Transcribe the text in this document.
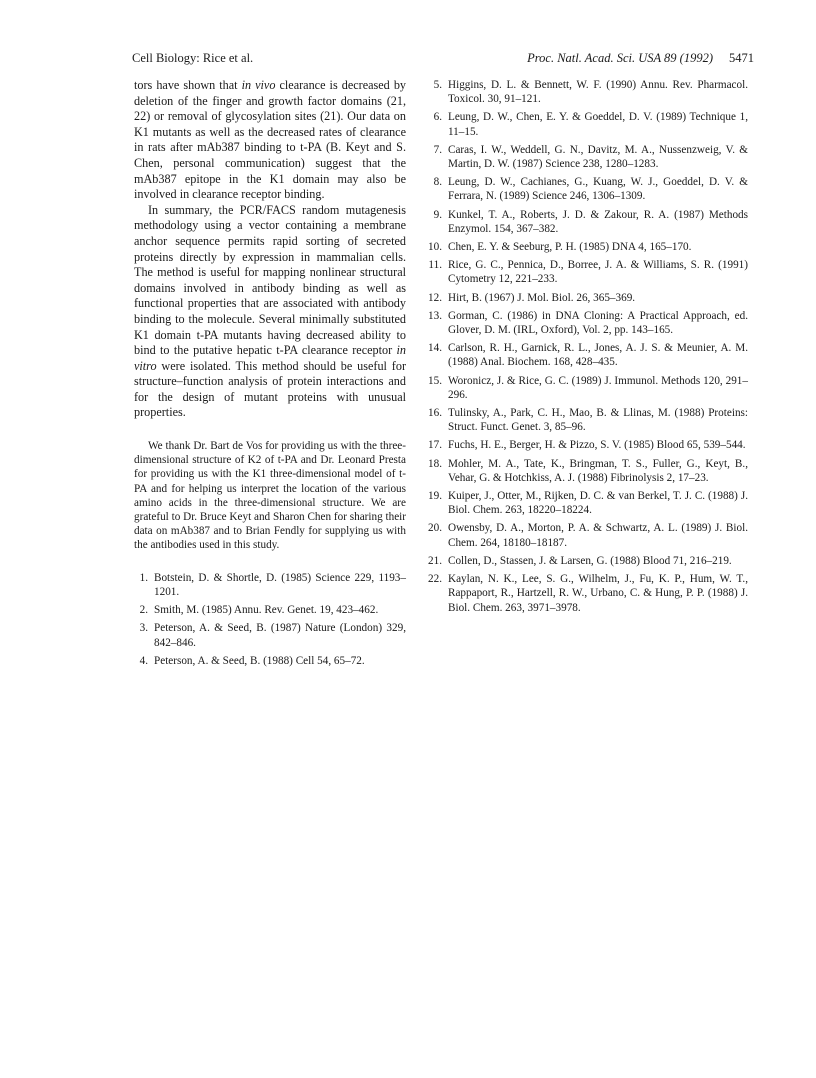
Cell Biology: Rice et al.	Proc. Natl. Acad. Sci. USA 89 (1992) 5471

tors have shown that in vivo clearance is decreased by deletion of the finger and growth factor domains (21, 22) or removal of glycosylation sites (21). Our data on K1 mutants as well as the decreased rates of clearance in rats after mAb387 binding to t-PA (B. Keyt and S. Chen, personal communication) suggest that the mAb387 epitope in the K1 domain may also be involved in clearance receptor binding.

In summary, the PCR/FACS random mutagenesis methodology using a vector containing a membrane anchor sequence permits rapid sorting of secreted proteins directly by expression in mammalian cells. The method is useful for mapping nonlinear structural domains involved in antibody binding as well as functional properties that are associated with antibody binding to the molecule. Several minimally substituted K1 domain t-PA mutants having decreased ability to bind to the putative hepatic t-PA clearance receptor in vitro were isolated. This method should be useful for structure–function analysis of protein interactions and for the design of mutant proteins with unusual properties.

We thank Dr. Bart de Vos for providing us with the three-dimensional structure of K2 of t-PA and Dr. Leonard Presta for providing us with the K1 three-dimensional model of t-PA and for helping us interpret the location of the various amino acids in the three-dimensional structure. We are grateful to Dr. Bruce Keyt and Sharon Chen for sharing their data on mAb387 and to Brian Fendly for supplying us with the antibodies used in this study.

1. Botstein, D. & Shortle, D. (1985) Science 229, 1193–1201.
2. Smith, M. (1985) Annu. Rev. Genet. 19, 423–462.
3. Peterson, A. & Seed, B. (1987) Nature (London) 329, 842–846.
4. Peterson, A. & Seed, B. (1988) Cell 54, 65–72.
5. Higgins, D. L. & Bennett, W. F. (1990) Annu. Rev. Pharmacol. Toxicol. 30, 91–121.
6. Leung, D. W., Chen, E. Y. & Goeddel, D. V. (1989) Technique 1, 11–15.
7. Caras, I. W., Weddell, G. N., Davitz, M. A., Nussenzweig, V. & Martin, D. W. (1987) Science 238, 1280–1283.
8. Leung, D. W., Cachianes, G., Kuang, W. J., Goeddel, D. V. & Ferrara, N. (1989) Science 246, 1306–1309.
9. Kunkel, T. A., Roberts, J. D. & Zakour, R. A. (1987) Methods Enzymol. 154, 367–382.
10. Chen, E. Y. & Seeburg, P. H. (1985) DNA 4, 165–170.
11. Rice, G. C., Pennica, D., Borree, J. A. & Williams, S. R. (1991) Cytometry 12, 221–233.
12. Hirt, B. (1967) J. Mol. Biol. 26, 365–369.
13. Gorman, C. (1986) in DNA Cloning: A Practical Approach, ed. Glover, D. M. (IRL, Oxford), Vol. 2, pp. 143–165.
14. Carlson, R. H., Garnick, R. L., Jones, A. J. S. & Meunier, A. M. (1988) Anal. Biochem. 168, 428–435.
15. Woronicz, J. & Rice, G. C. (1989) J. Immunol. Methods 120, 291–296.
16. Tulinsky, A., Park, C. H., Mao, B. & Llinas, M. (1988) Proteins: Struct. Funct. Genet. 3, 85–96.
17. Fuchs, H. E., Berger, H. & Pizzo, S. V. (1985) Blood 65, 539–544.
18. Mohler, M. A., Tate, K., Bringman, T. S., Fuller, G., Keyt, B., Vehar, G. & Hotchkiss, A. J. (1988) Fibrinolysis 2, 17–23.
19. Kuiper, J., Otter, M., Rijken, D. C. & van Berkel, T. J. C. (1988) J. Biol. Chem. 263, 18220–18224.
20. Owensby, D. A., Morton, P. A. & Schwartz, A. L. (1989) J. Biol. Chem. 264, 18180–18187.
21. Collen, D., Stassen, J. & Larsen, G. (1988) Blood 71, 216–219.
22. Kaylan, N. K., Lee, S. G., Wilhelm, J., Fu, K. P., Hum, W. T., Rappaport, R., Hartzell, R. W., Urbano, C. & Hung, P. P. (1988) J. Biol. Chem. 263, 3971–3978.
